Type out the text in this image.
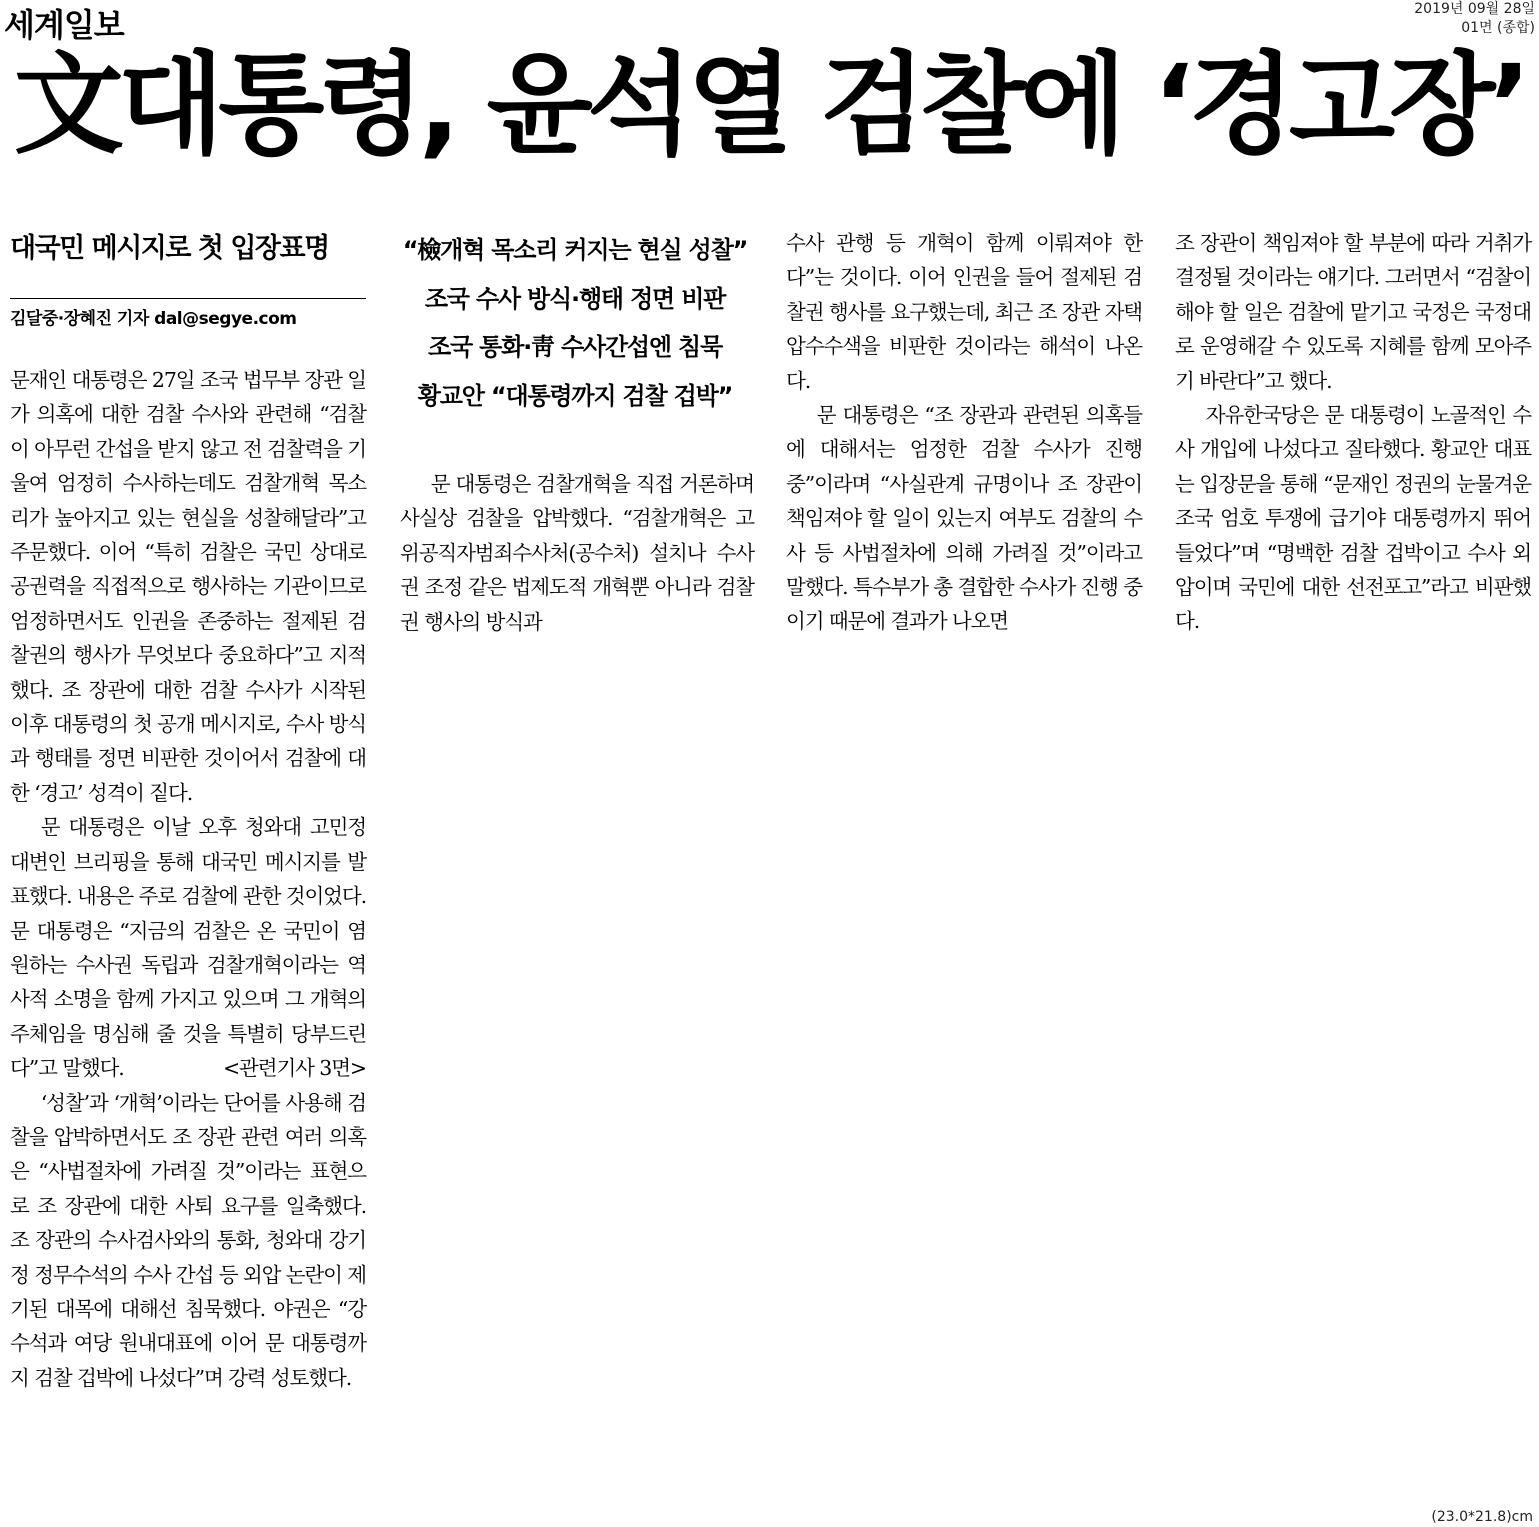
세계일보	2019년 09월 28일
01면 (종합)
文대통령, 윤석열 검찰에 ‘경고장’
대국민 메시지로 첫 입장표명
김달중·장혜진 기자 dal@segye.com

문재인 대통령은 27일 조국 법무부 장관 일가 의혹에 대한 검찰 수사와 관련해 “검찰이 아무런 간섭을 받지 않고 전 검찰력을 기울여 엄정히 수사하는데도 검찰개혁 목소리가 높아지고 있는 현실을 성찰해달라”고 주문했다. 이어 “특히 검찰은 국민 상대로 공권력을 직접적으로 행사하는 기관이므로 엄정하면서도 인권을 존중하는 절제된 검찰권의 행사가 무엇보다 중요하다”고 지적했다. 조 장관에 대한 검찰 수사가 시작된 이후 대통령의 첫 공개 메시지로, 수사 방식과 행태를 정면 비판한 것이어서 검찰에 대한 ‘경고’ 성격이 짙다.

문 대통령은 이날 오후 청와대 고민정 대변인 브리핑을 통해 대국민 메시지를 발표했다. 내용은 주로 검찰에 관한 것이었다. 문 대통령은 “지금의 검찰은 온 국민이 염원하는 수사권 독립과 검찰개혁이라는 역사적 소명을 함께 가지고 있으며 그 개혁의 주체임을 명심해 줄 것을 특별히 당부드린다”고 말했다.	<관련기사 3면>

‘성찰’과 ‘개혁’이라는 단어를 사용해 검찰을 압박하면서도 조 장관 관련 여러 의혹은 “사법절차에 가려질 것”이라는 표현으로 조 장관에 대한 사퇴 요구를 일축했다. 조 장관의 수사검사와의 통화, 청와대 강기정 정무수석의 수사 간섭 등 외압 논란이 제기된 대목에 대해선 침묵했다. 야권은 “강 수석과 여당 원내대표에 이어 문 대통령까지 검찰 겁박에 나섰다”며 강력 성토했다.

“檢개혁 목소리 커지는 현실 성찰”
조국 수사 방식·행태 정면 비판
조국 통화·靑 수사간섭엔 침묵
황교안 “대통령까지 검찰 겁박”

문 대통령은 검찰개혁을 직접 거론하며 사실상 검찰을 압박했다. “검찰개혁은 고위공직자범죄수사처(공수처) 설치나 수사권 조정 같은 법제도적 개혁뿐 아니라 검찰권 행사의 방식과

수사 관행 등 개혁이 함께 이뤄져야 한다”는 것이다. 이어 인권을 들어 절제된 검찰권 행사를 요구했는데, 최근 조 장관 자택 압수수색을 비판한 것이라는 해석이 나온다.

문 대통령은 “조 장관과 관련된 의혹들에 대해서는 엄정한 검찰 수사가 진행 중”이라며 “사실관계 규명이나 조 장관이 책임져야 할 일이 있는지 여부도 검찰의 수사 등 사법절차에 의해 가려질 것”이라고 말했다. 특수부가 총 결합한 수사가 진행 중이기 때문에 결과가 나오면

조 장관이 책임져야 할 부분에 따라 거취가 결정될 것이라는 얘기다. 그러면서 “검찰이 해야 할 일은 검찰에 맡기고 국정은 국정대로 운영해갈 수 있도록 지혜를 함께 모아주기 바란다”고 했다.

자유한국당은 문 대통령이 노골적인 수사 개입에 나섰다고 질타했다. 황교안 대표는 입장문을 통해 “문재인 정권의 눈물겨운 조국 엄호 투쟁에 급기야 대통령까지 뛰어들었다”며 “명백한 검찰 겁박이고 수사 외압이며 국민에 대한 선전포고”라고 비판했다.

(23.0*21.8)cm
